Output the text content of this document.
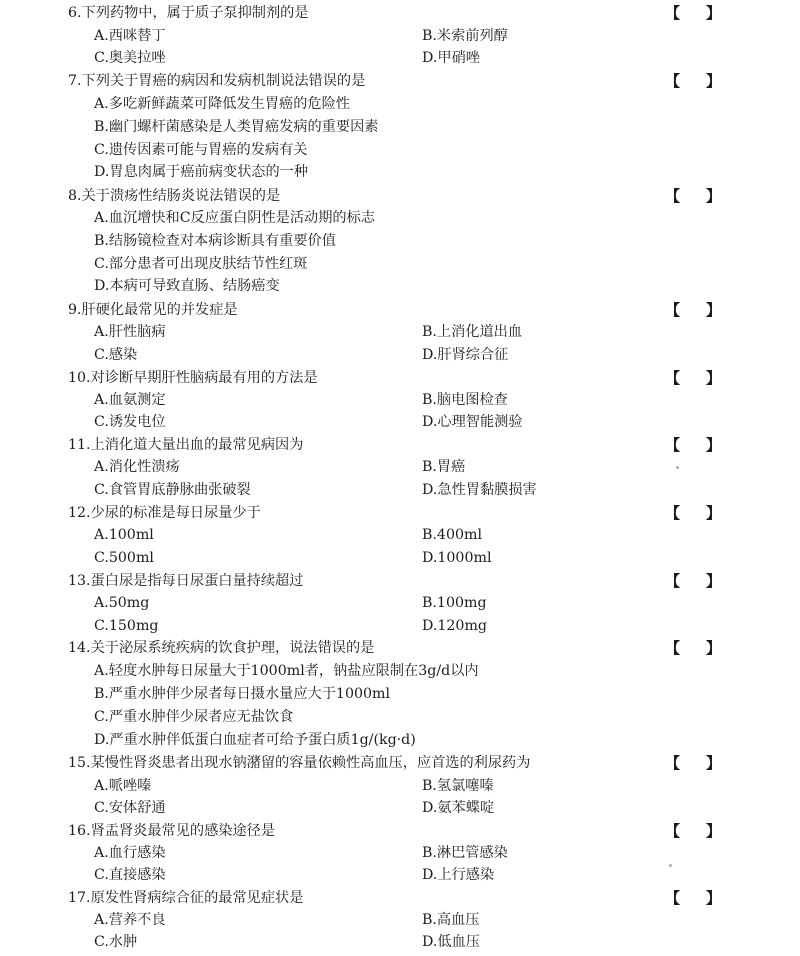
6.下列药物中，属于质子泵抑制剂的是	【 】
A.西咪替丁	B.米索前列醇
C.奥美拉唑	D.甲硝唑
7.下列关于胃癌的病因和发病机制说法错误的是	【 】
A.多吃新鲜蔬菜可降低发生胃癌的危险性
B.幽门螺杆菌感染是人类胃癌发病的重要因素
C.遗传因素可能与胃癌的发病有关
D.胃息肉属于癌前病变状态的一种
8.关于溃疡性结肠炎说法错误的是	【 】
A.血沉增快和C反应蛋白阴性是活动期的标志
B.结肠镜检查对本病诊断具有重要价值
C.部分患者可出现皮肤结节性红斑
D.本病可导致直肠、结肠癌变
9.肝硬化最常见的并发症是	【 】
A.肝性脑病	B.上消化道出血
C.感染	D.肝肾综合征
10.对诊断早期肝性脑病最有用的方法是	【 】
A.血氨测定	B.脑电图检查
C.诱发电位	D.心理智能测验
11.上消化道大量出血的最常见病因为	【 】
A.消化性溃疡	B.胃癌
C.食管胃底静脉曲张破裂	D.急性胃黏膜损害
12.少尿的标准是每日尿量少于	【 】
A.100ml	B.400ml
C.500ml	D.1000ml
13.蛋白尿是指每日尿蛋白量持续超过	【 】
A.50mg	B.100mg
C.150mg	D.120mg
14.关于泌尿系统疾病的饮食护理，说法错误的是	【 】
A.轻度水肿每日尿量大于1000ml者，钠盐应限制在3g/d以内
B.严重水肿伴少尿者每日摄水量应大于1000ml
C.严重水肿伴少尿者应无盐饮食
D.严重水肿伴低蛋白血症者可给予蛋白质1g/(kg·d)
15.某慢性肾炎患者出现水钠潴留的容量依赖性高血压，应首选的利尿药为	【 】
A.哌唑嗪	B.氢氯噻嗪
C.安体舒通	D.氨苯蝶啶
16.肾盂肾炎最常见的感染途径是	【 】
A.血行感染	B.淋巴管感染
C.直接感染	D.上行感染
17.原发性肾病综合征的最常见症状是	【 】
A.营养不良	B.高血压
C.水肿	D.低血压
